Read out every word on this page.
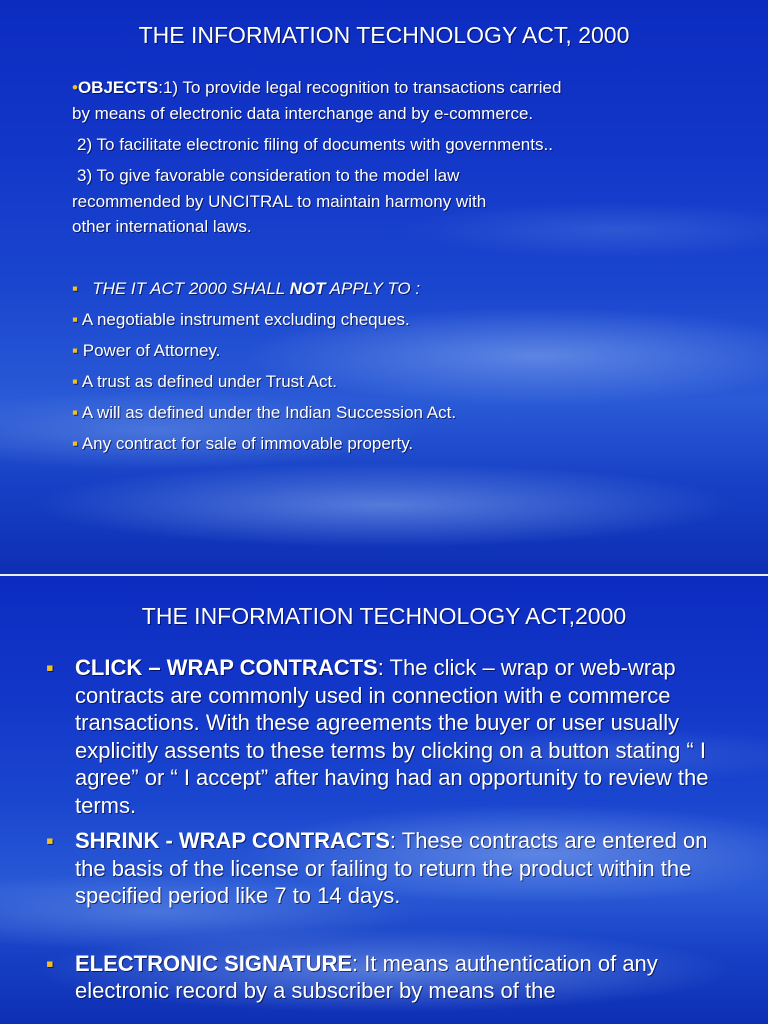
THE INFORMATION TECHNOLOGY ACT, 2000
•OBJECTS:1) To provide legal recognition to transactions carried
by means of electronic data interchange and by e-commerce.
2) To facilitate electronic filing of documents with governments..
3) To give favorable consideration to the model law
recommended by UNCITRAL to maintain harmony with
other international laws.
▪ THE IT ACT 2000 SHALL NOT APPLY TO :
▪ A negotiable instrument excluding cheques.
▪ Power of Attorney.
▪ A trust as defined under Trust Act.
▪ A will as defined under the Indian Succession Act.
▪ Any contract for sale of immovable property.
THE INFORMATION TECHNOLOGY ACT,2000
▪ CLICK – WRAP CONTRACTS: The click – wrap or web-wrap contracts are commonly used in connection with e commerce transactions. With these agreements the buyer or user usually explicitly assents to these terms by clicking on a button stating “ I agree” or “ I accept” after having had an opportunity to review the terms.
▪ SHRINK - WRAP CONTRACTS: These contracts are entered on the basis of the license or failing to return the product within the specified period like 7 to 14 days.
▪ ELECTRONIC SIGNATURE: It means authentication of any electronic record by a subscriber by means of the
